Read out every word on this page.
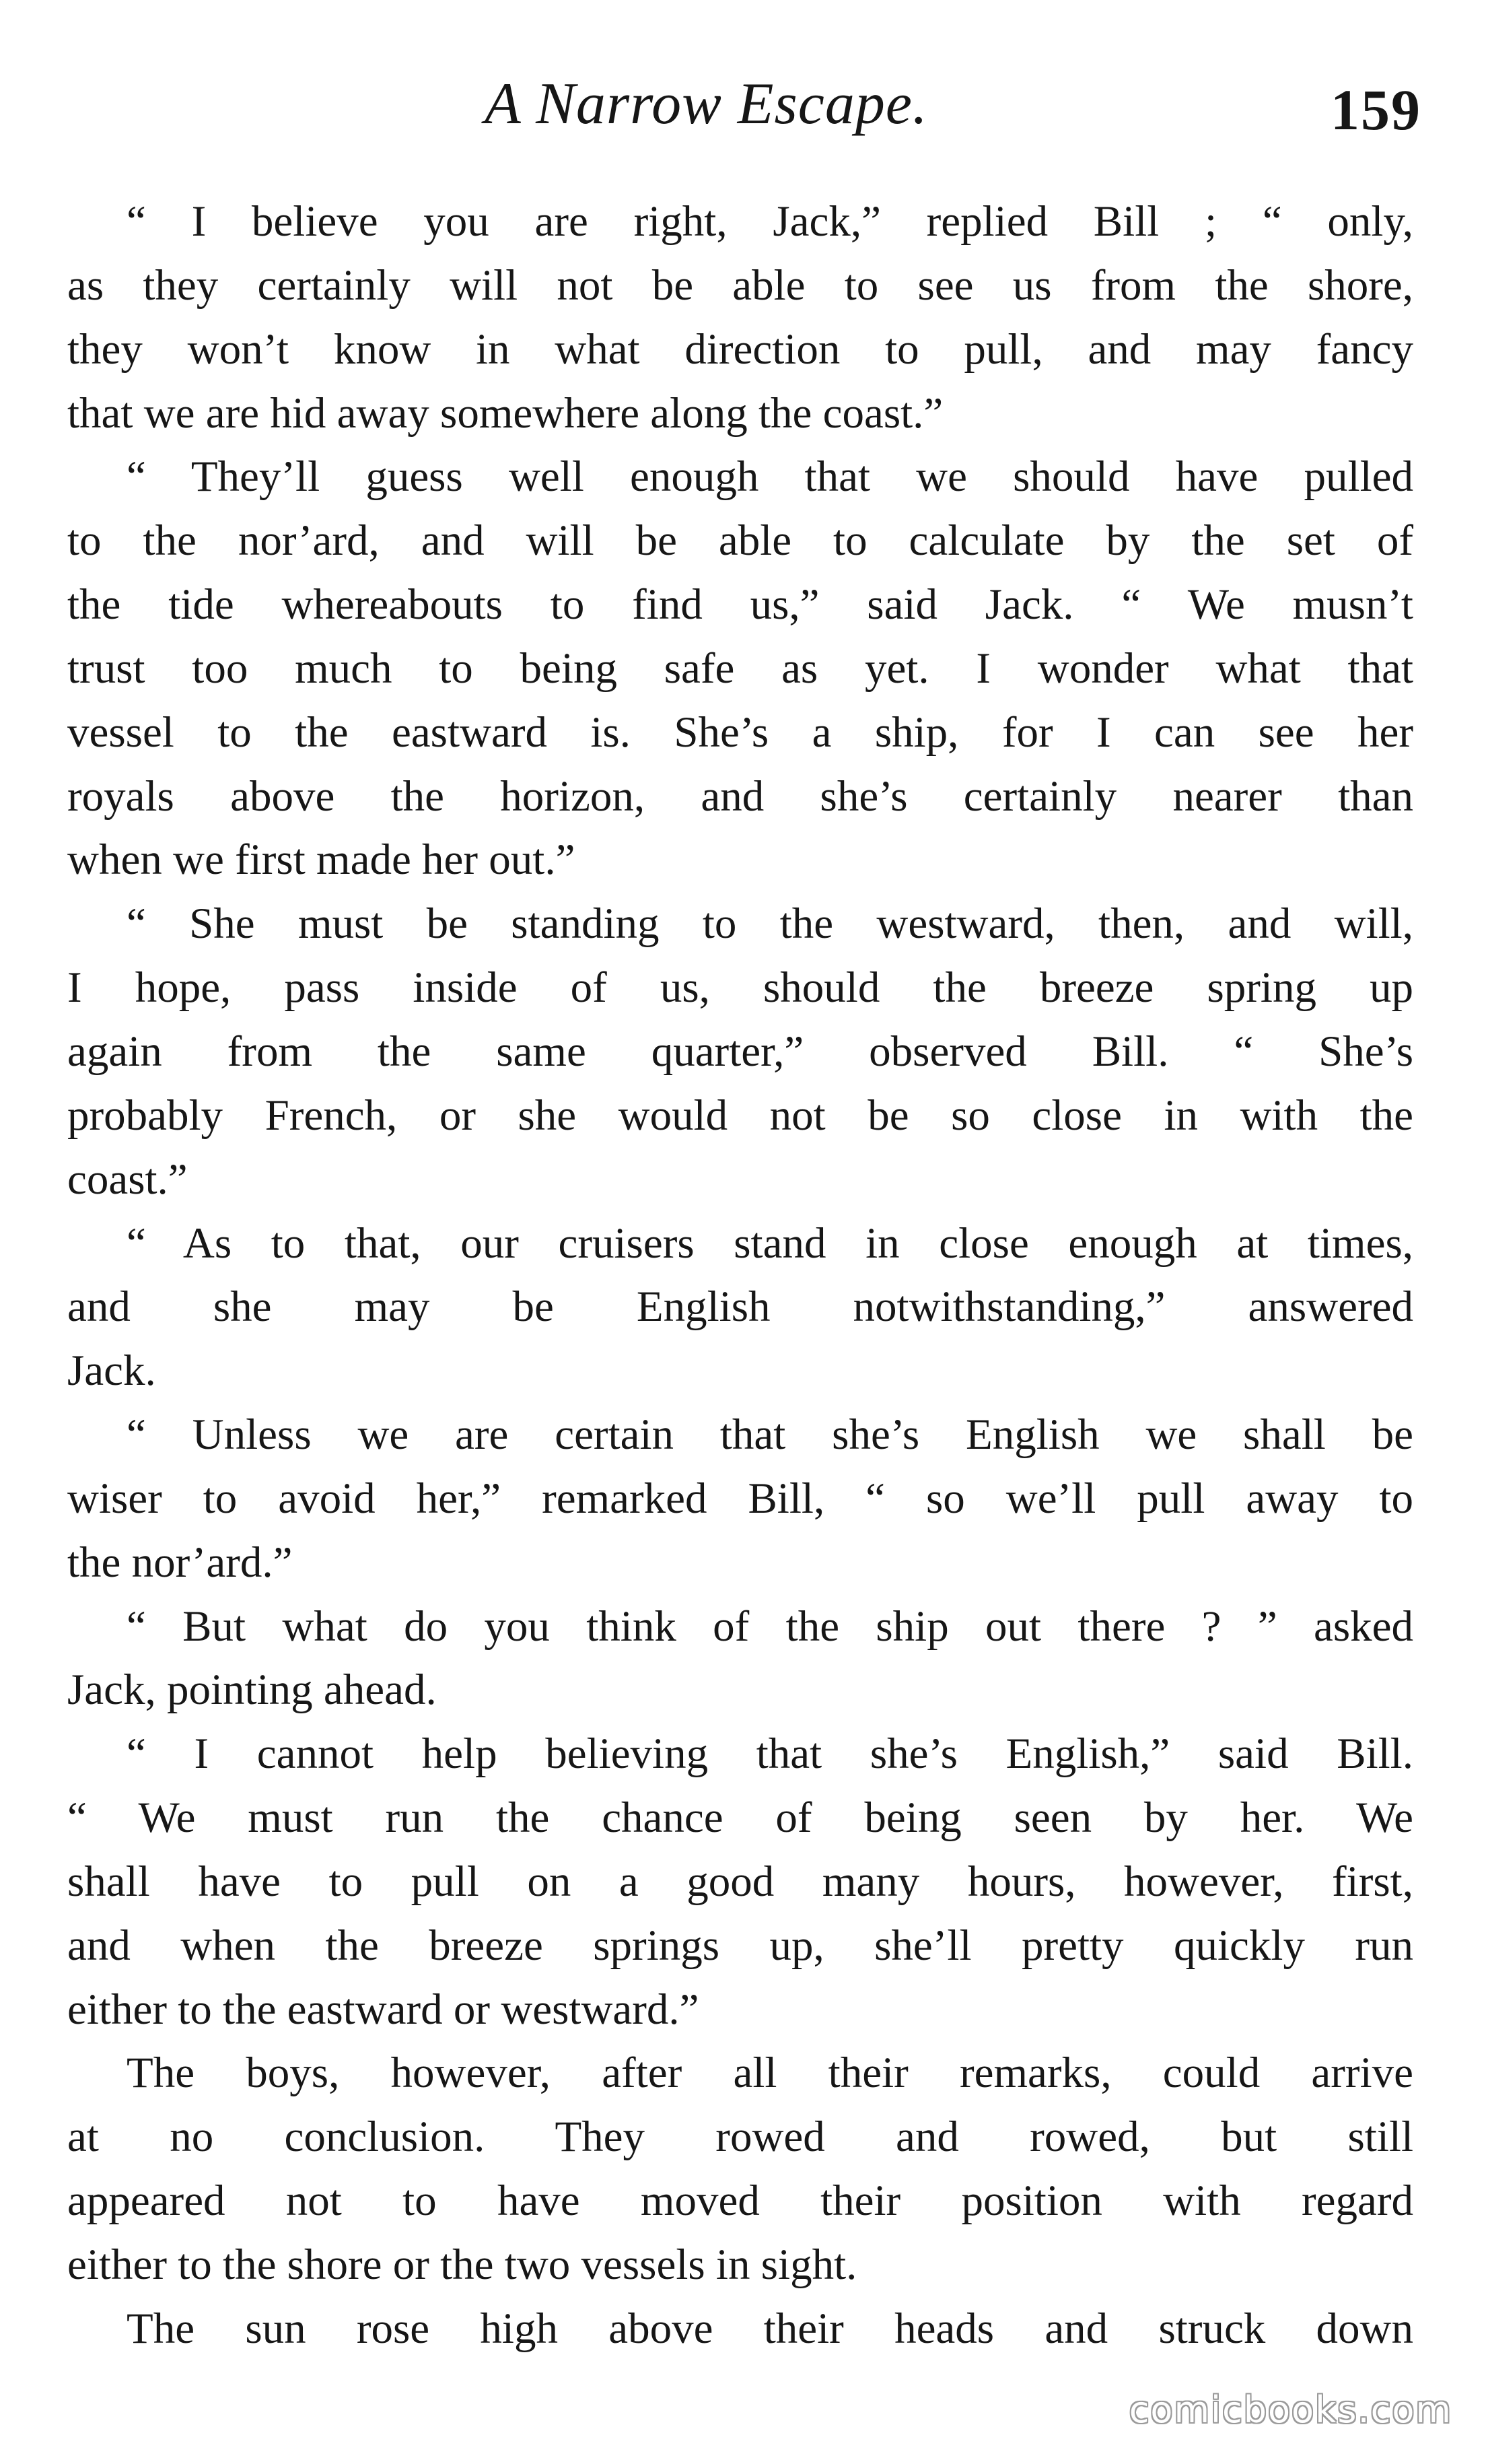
A Narrow Escape.	159

“ I believe you are right, Jack,” replied Bill ; “ only,
as they certainly will not be able to see us from the shore,
they won’t know in what direction to pull, and may fancy
that we are hid away somewhere along the coast.”

“ They’ll guess well enough that we should have pulled
to the nor’ard, and will be able to calculate by the set of
the tide whereabouts to find us,” said Jack. “ We musn’t
trust too much to being safe as yet. I wonder what that
vessel to the eastward is. She’s a ship, for I can see her
royals above the horizon, and she’s certainly nearer than
when we first made her out.”

“ She must be standing to the westward, then, and will,
I hope, pass inside of us, should the breeze spring up
again from the same quarter,” observed Bill. “ She’s
probably French, or she would not be so close in with the
coast.”

“ As to that, our cruisers stand in close enough at times,
and she may be English notwithstanding,” answered
Jack.

“ Unless we are certain that she’s English we shall be
wiser to avoid her,” remarked Bill, “ so we’ll pull away to
the nor’ard.”

“ But what do you think of the ship out there ? ” asked
Jack, pointing ahead.

“ I cannot help believing that she’s English,” said Bill.
“ We must run the chance of being seen by her. We
shall have to pull on a good many hours, however, first,
and when the breeze springs up, she’ll pretty quickly run
either to the eastward or westward.”

The boys, however, after all their remarks, could arrive
at no conclusion. They rowed and rowed, but still
appeared not to have moved their position with regard
either to the shore or the two vessels in sight.

The sun rose high above their heads and struck down

comicbooks.com
